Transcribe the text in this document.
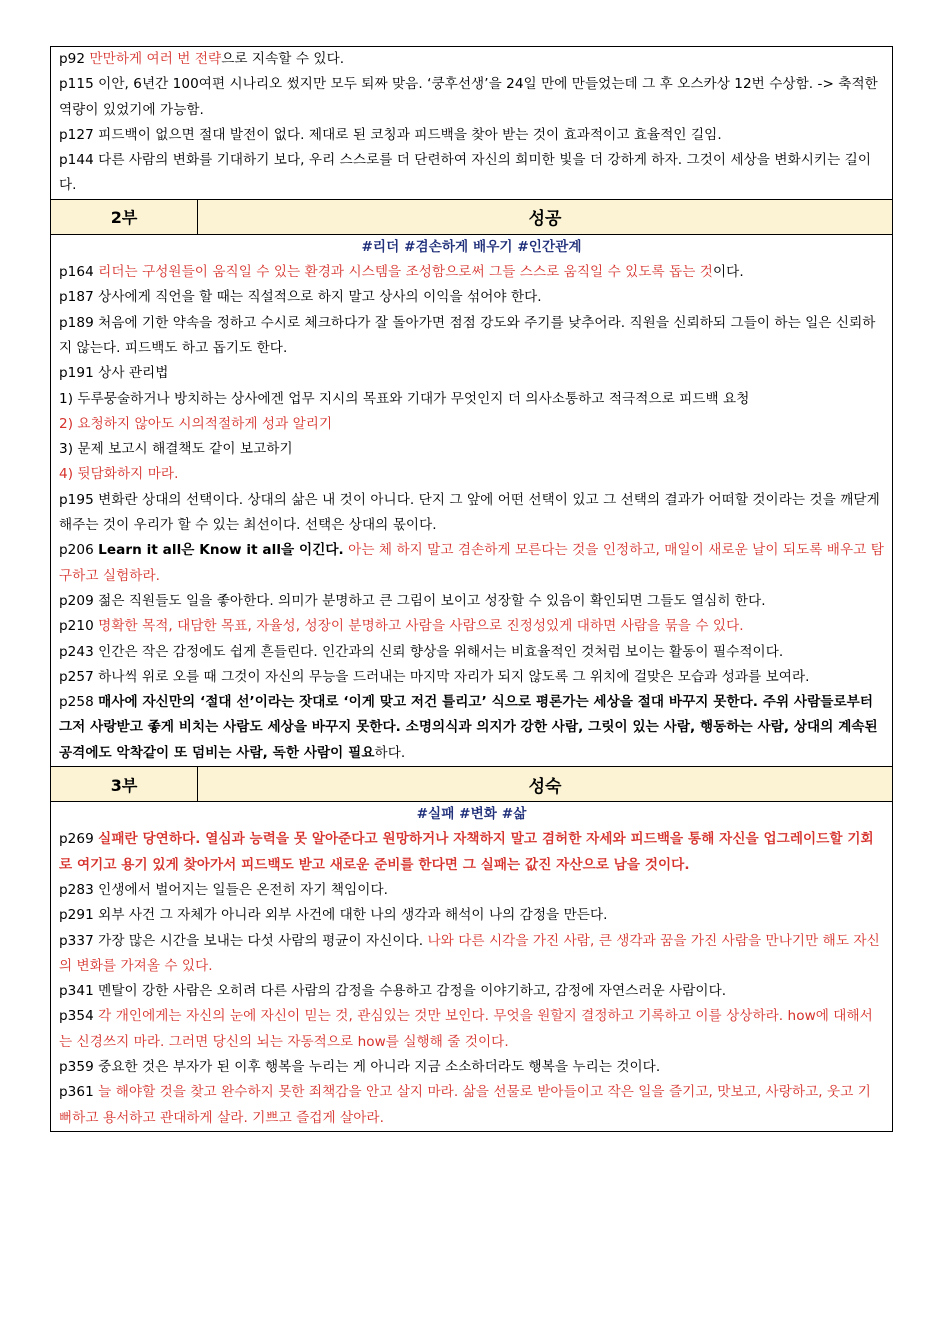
p92 만만하게 여러 번 전략으로 지속할 수 있다.

p115 이안, 6년간 100여편 시나리오 썼지만 모두 퇴짜 맞음. ‘쿵후선생’을 24일 만에 만들었는데 그 후 오스카상 12번 수상함. -> 축적한 역량이 있었기에 가능함.

p127 피드백이 없으면 절대 발전이 없다. 제대로 된 코칭과 피드백을 찾아 받는 것이 효과적이고 효율적인 길임.

p144 다른 사람의 변화를 기대하기 보다, 우리 스스로를 더 단련하여 자신의 희미한 빛을 더 강하게 하자. 그것이 세상을 변화시키는 길이다.

2부	성공
#리더 #겸손하게 배우기 #인간관계

p164 리더는 구성원들이 움직일 수 있는 환경과 시스템을 조성함으로써 그들 스스로 움직일 수 있도록 돕는 것이다.

p187 상사에게 직언을 할 때는 직설적으로 하지 말고 상사의 이익을 섞어야 한다.

p189 처음에 기한 약속을 정하고 수시로 체크하다가 잘 돌아가면 점점 강도와 주기를 낮추어라. 직원을 신뢰하되 그들이 하는 일은 신뢰하지 않는다. 피드백도 하고 돕기도 한다.

p191 상사 관리법

1) 두루뭉술하거나 방치하는 상사에겐 업무 지시의 목표와 기대가 무엇인지 더 의사소통하고 적극적으로 피드백 요청

2) 요청하지 않아도 시의적절하게 성과 알리기

3) 문제 보고시 해결책도 같이 보고하기

4) 뒷담화하지 마라.

p195 변화란 상대의 선택이다. 상대의 삶은 내 것이 아니다. 단지 그 앞에 어떤 선택이 있고 그 선택의 결과가 어떠할 것이라는 것을 깨닫게 해주는 것이 우리가 할 수 있는 최선이다. 선택은 상대의 몫이다.

p206 Learn it all은 Know it all을 이긴다. 아는 체 하지 말고 겸손하게 모른다는 것을 인정하고, 매일이 새로운 날이 되도록 배우고 탐구하고 실험하라.

p209 젊은 직원들도 일을 좋아한다. 의미가 분명하고 큰 그림이 보이고 성장할 수 있음이 확인되면 그들도 열심히 한다.

p210 명확한 목적, 대담한 목표, 자율성, 성장이 분명하고 사람을 사람으로 진정성있게 대하면 사람을 묶을 수 있다.

p243 인간은 작은 감정에도 쉽게 흔들린다. 인간과의 신뢰 향상을 위해서는 비효율적인 것처럼 보이는 활동이 필수적이다.

p257 하나씩 위로 오를 때 그것이 자신의 무능을 드러내는 마지막 자리가 되지 않도록 그 위치에 걸맞은 모습과 성과를 보여라.

p258 매사에 자신만의 ‘절대 선’이라는 잣대로 ‘이게 맞고 저건 틀리고’ 식으로 평론가는 세상을 절대 바꾸지 못한다. 주위 사람들로부터 그저 사랑받고 좋게 비치는 사람도 세상을 바꾸지 못한다. 소명의식과 의지가 강한 사람, 그릿이 있는 사람, 행동하는 사람, 상대의 계속된 공격에도 악착같이 또 덤비는 사람, 독한 사람이 필요하다.

3부	성숙
#실패 #변화 #삶

p269 실패란 당연하다. 열심과 능력을 못 알아준다고 원망하거나 자책하지 말고 겸허한 자세와 피드백을 통해 자신을 업그레이드할 기회로 여기고 용기 있게 찾아가서 피드백도 받고 새로운 준비를 한다면 그 실패는 값진 자산으로 남을 것이다.

p283 인생에서 벌어지는 일들은 온전히 자기 책임이다.

p291 외부 사건 그 자체가 아니라 외부 사건에 대한 나의 생각과 해석이 나의 감정을 만든다.

p337 가장 많은 시간을 보내는 다섯 사람의 평균이 자신이다. 나와 다른 시각을 가진 사람, 큰 생각과 꿈을 가진 사람을 만나기만 해도 자신의 변화를 가져올 수 있다.

p341 멘탈이 강한 사람은 오히려 다른 사람의 감정을 수용하고 감정을 이야기하고, 감정에 자연스러운 사람이다.

p354 각 개인에게는 자신의 눈에 자신이 믿는 것, 관심있는 것만 보인다. 무엇을 원할지 결정하고 기록하고 이를 상상하라. how에 대해서는 신경쓰지 마라. 그러면 당신의 뇌는 자동적으로 how를 실행해 줄 것이다.

p359 중요한 것은 부자가 된 이후 행복을 누리는 게 아니라 지금 소소하더라도 행복을 누리는 것이다.

p361 늘 해야할 것을 찾고 완수하지 못한 죄책감을 안고 살지 마라. 삶을 선물로 받아들이고 작은 일을 즐기고, 맛보고, 사랑하고, 웃고 기뻐하고 용서하고 관대하게 살라. 기쁘고 즐겁게 살아라.
